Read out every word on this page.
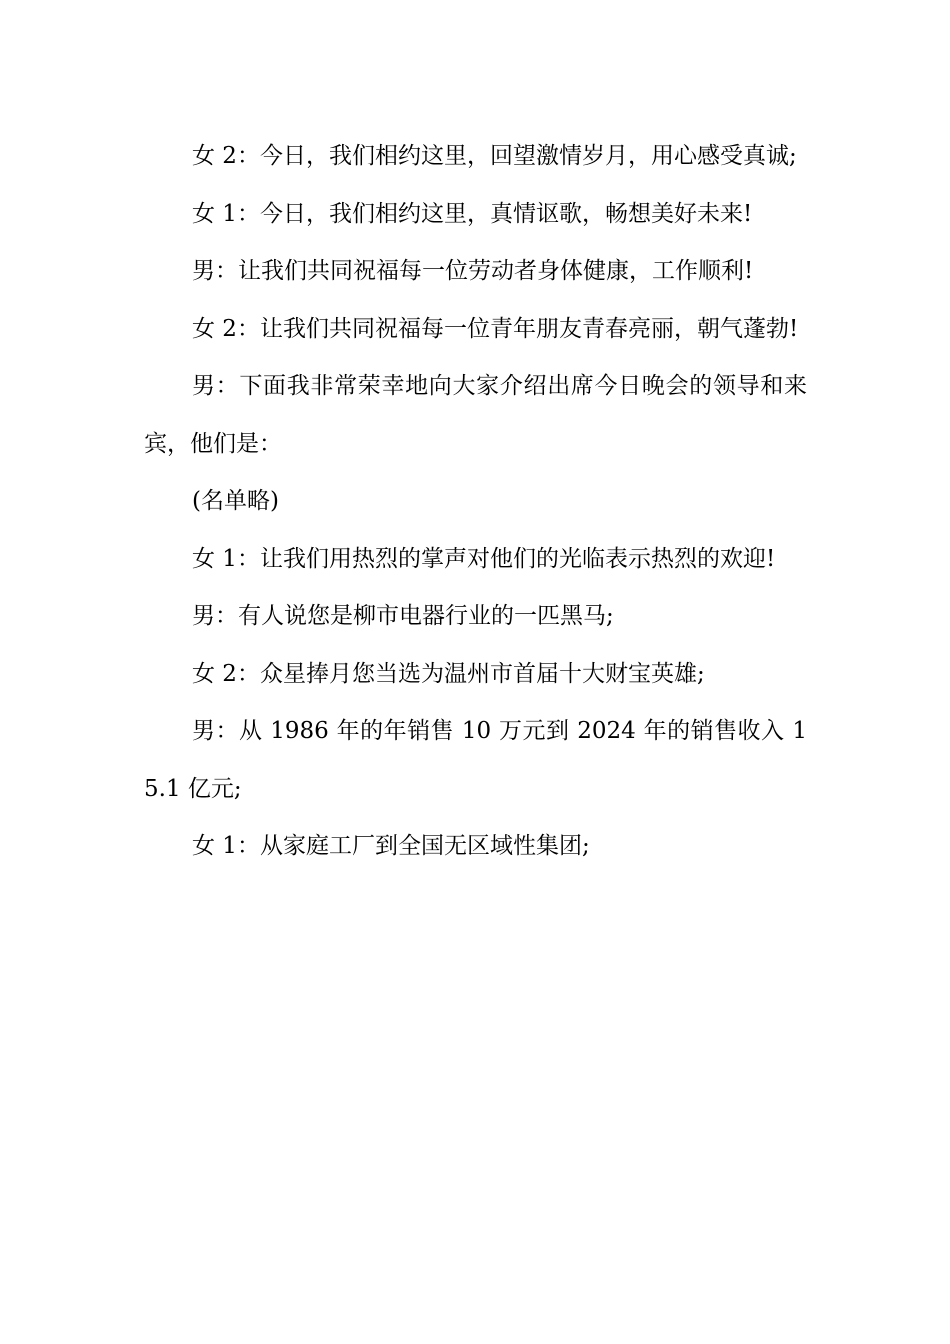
女 2：今日，我们相约这里，回望激情岁月，用心感受真诚;

女 1：今日，我们相约这里，真情讴歌，畅想美好未来!

男：让我们共同祝福每一位劳动者身体健康，工作顺利!

女 2：让我们共同祝福每一位青年朋友青春亮丽，朝气蓬勃!

男：下面我非常荣幸地向大家介绍出席今日晚会的领导和来宾，他们是：

(名单略)

女 1：让我们用热烈的掌声对他们的光临表示热烈的欢迎!

男：有人说您是柳市电器行业的一匹黑马;

女 2：众星捧月您当选为温州市首届十大财宝英雄;

男：从 1986 年的年销售 10 万元到 2024 年的销售收入 15.1 亿元;

女 1：从家庭工厂到全国无区域性集团;
